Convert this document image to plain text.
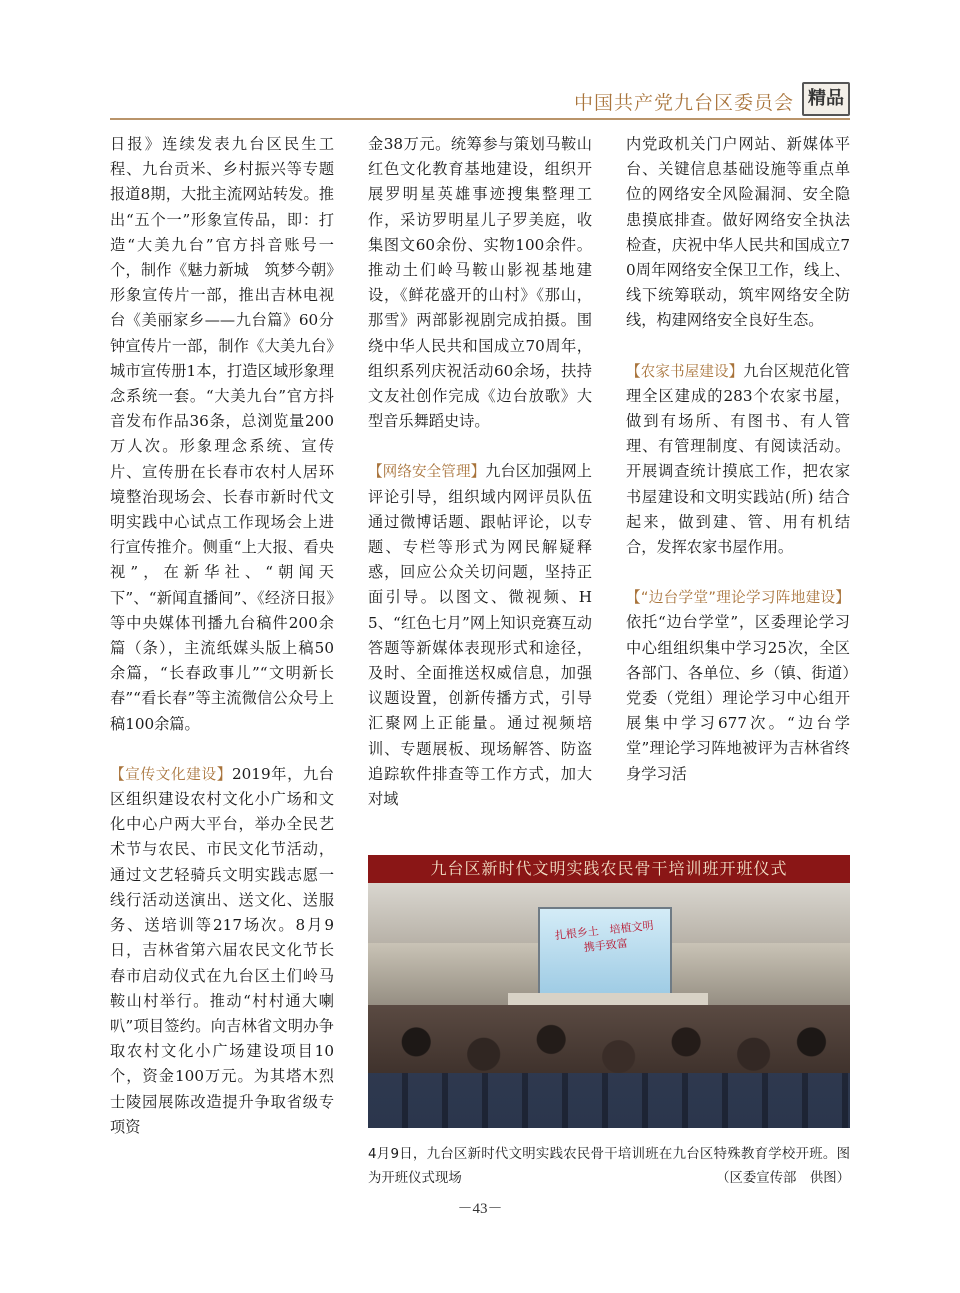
中国共产党九台区委员会 精品

日报》连续发表九台区民生工程、九台贡米、乡村振兴等专题报道8期，大批主流网站转发。推出“五个一”形象宣传品，即：打造“大美九台”官方抖音账号一个，制作《魅力新城　筑梦今朝》形象宣传片一部，推出吉林电视台《美丽家乡——九台篇》60分钟宣传片一部，制作《大美九台》城市宣传册1本，打造区域形象理念系统一套。“大美九台”官方抖音发布作品36条，总浏览量200万人次。形象理念系统、宣传片、宣传册在长春市农村人居环境整治现场会、长春市新时代文明实践中心试点工作现场会上进行宣传推介。侧重“上大报、看央视”，在新华社、“朝闻天下”、“新闻直播间”、《经济日报》等中央媒体刊播九台稿件200余篇（条），主流纸媒头版上稿50余篇，“长春政事儿”“文明新长春”“看长春”等主流微信公众号上稿100余篇。

【宣传文化建设】2019年，九台区组织建设农村文化小广场和文化中心户两大平台，举办全民艺术节与农民、市民文化节活动，通过文艺轻骑兵文明实践志愿一线行活动送演出、送文化、送服务、送培训等217场次。8月9日，吉林省第六届农民文化节长春市启动仪式在九台区土们岭马鞍山村举行。推动“村村通大喇叭”项目签约。向吉林省文明办争取农村文化小广场建设项目10个，资金100万元。为其塔木烈士陵园展陈改造提升争取省级专项资

金38万元。统筹参与策划马鞍山红色文化教育基地建设，组织开展罗明星英雄事迹搜集整理工作，采访罗明星儿子罗美庭，收集图文60余份、实物100余件。推动土们岭马鞍山影视基地建设，《鲜花盛开的山村》《那山，那雪》两部影视剧完成拍摄。围绕中华人民共和国成立70周年，组织系列庆祝活动60余场，扶持文友社创作完成《边台放歌》大型音乐舞蹈史诗。

【网络安全管理】九台区加强网上评论引导，组织域内网评员队伍通过微博话题、跟帖评论，以专题、专栏等形式为网民解疑释惑，回应公众关切问题，坚持正面引导。以图文、微视频、H5、“红色七月”网上知识竞赛互动答题等新媒体表现形式和途径，及时、全面推送权威信息，加强议题设置，创新传播方式，引导汇聚网上正能量。通过视频培训、专题展板、现场解答、防盗追踪软件排查等工作方式，加大对域

内党政机关门户网站、新媒体平台、关键信息基础设施等重点单位的网络安全风险漏洞、安全隐患摸底排查。做好网络安全执法检查，庆祝中华人民共和国成立70周年网络安全保卫工作，线上、线下统筹联动，筑牢网络安全防线，构建网络安全良好生态。

【农家书屋建设】九台区规范化管理全区建成的283个农家书屋，做到有场所、有图书、有人管理、有管理制度、有阅读活动。开展调查统计摸底工作，把农家书屋建设和文明实践站(所) 结合起来，做到建、管、用有机结合，发挥农家书屋作用。

【“边台学堂”理论学习阵地建设】依托“边台学堂”，区委理论学习中心组组织集中学习25次，全区各部门、各单位、乡（镇、街道）党委（党组）理论学习中心组开展集中学习677次。“边台学堂”理论学习阵地被评为吉林省终身学习活

扎根乡土　培植文明　携手致富
九台区新时代文明实践农民骨干培训班开班仪式
4月9日，九台区新时代文明实践农民骨干培训班在九台区特殊教育学校开班。图为开班仪式现场	（区委宣传部　供图）
－43－
